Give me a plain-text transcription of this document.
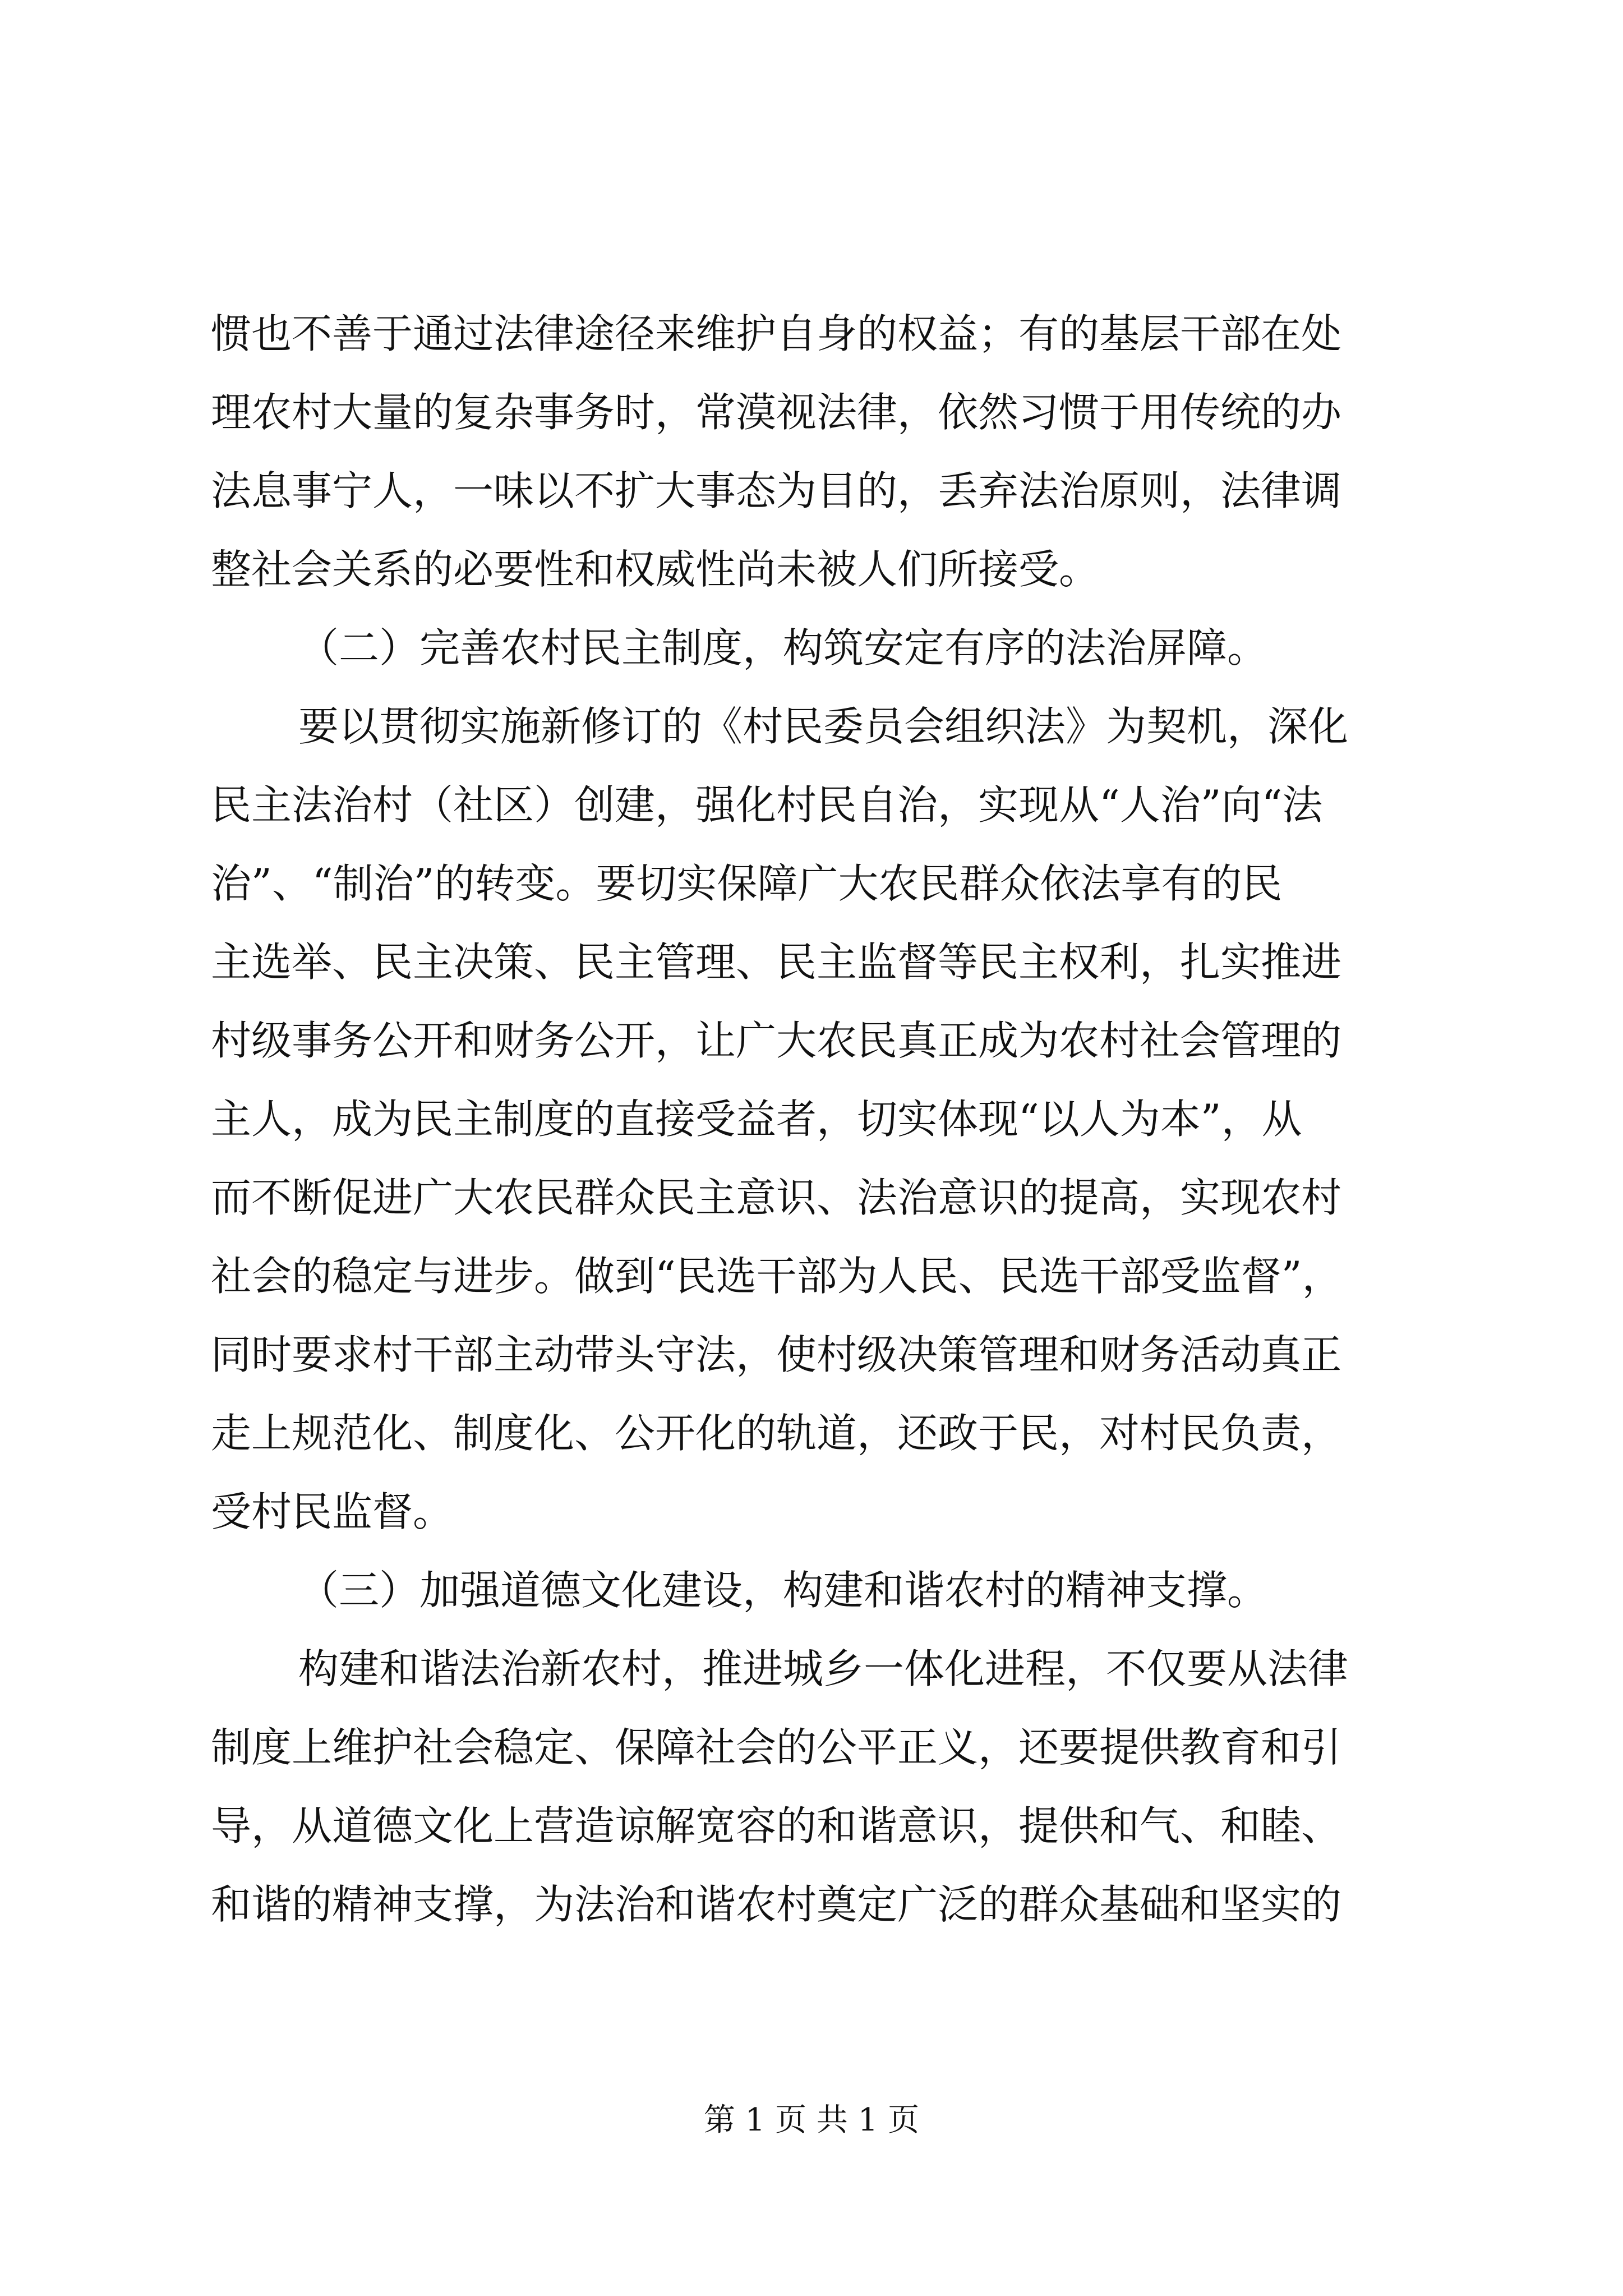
惯也不善于通过法律途径来维护自身的权益；有的基层干部在处

理农村大量的复杂事务时，常漠视法律，依然习惯于用传统的办

法息事宁人，一味以不扩大事态为目的，丢弃法治原则，法律调

整社会关系的必要性和权威性尚未被人们所接受。

（二）完善农村民主制度，构筑安定有序的法治屏障。

要以贯彻实施新修订的《村民委员会组织法》为契机，深化

民主法治村（社区）创建，强化村民自治，实现从“人治”向“法

治”、“制治”的转变。要切实保障广大农民群众依法享有的民

主选举、民主决策、民主管理、民主监督等民主权利，扎实推进

村级事务公开和财务公开，让广大农民真正成为农村社会管理的

主人，成为民主制度的直接受益者，切实体现“以人为本”，从

而不断促进广大农民群众民主意识、法治意识的提高，实现农村

社会的稳定与进步。做到“民选干部为人民、民选干部受监督”，

同时要求村干部主动带头守法，使村级决策管理和财务活动真正

走上规范化、制度化、公开化的轨道，还政于民，对村民负责，

受村民监督。

（三）加强道德文化建设，构建和谐农村的精神支撑。

构建和谐法治新农村，推进城乡一体化进程，不仅要从法律

制度上维护社会稳定、保障社会的公平正义，还要提供教育和引

导，从道德文化上营造谅解宽容的和谐意识，提供和气、和睦、

和谐的精神支撑，为法治和谐农村奠定广泛的群众基础和坚实的

第 1 页 共 1 页
